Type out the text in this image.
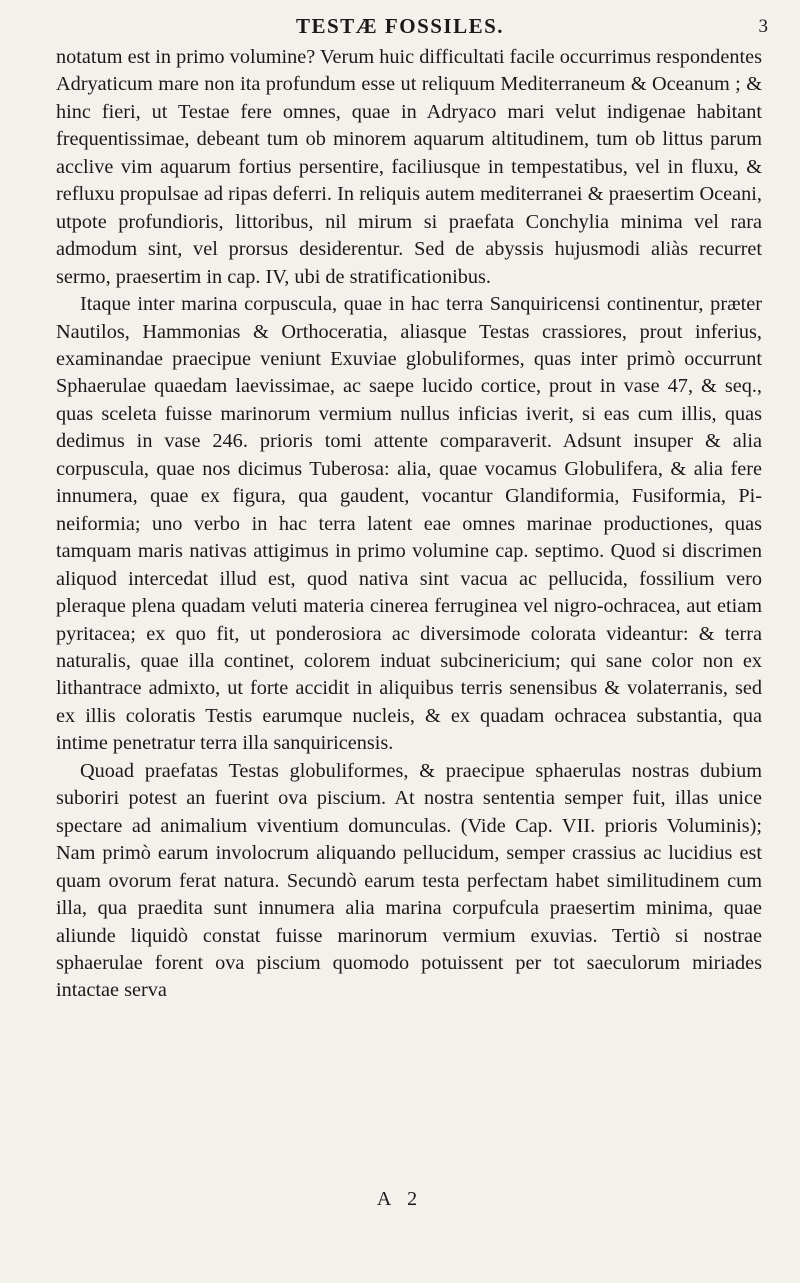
TESTÆ FOSSILES.	3

notatum est in primo volumine? Verum huic difficultati facile occurrimus respondentes Adryaticum mare non ita profundum esse ut reliquum Mediterraneum & Oceanum ; & hinc fieri, ut Testae fere omnes, quae in Adryaco mari velut indigenae habitant frequentissimae, debeant tum ob minorem aquarum altitudinem, tum ob littus parum acclive vim aquarum fortius persentire, faciliusque in tempestatibus, vel in fluxu, & refluxu propulsae ad ripas deferri. In reliquis autem mediterranei & praesertim Oceani, utpote profundioris, littoribus, nil mirum si praefata Conchylia minima vel rara admodum sint, vel prorsus desiderentur. Sed de abyssis hujusmodi aliàs recurret sermo, praesertim in cap. IV, ubi de stratificationibus.

Itaque inter marina corpuscula, quae in hac terra Sanquiricensi continentur, præter Nautilos, Hammonias & Orthoceratia, aliasque Testas crassiores, prout inferius, examinandae praecipue veniunt Exuviae globuliformes, quas inter primò occurrunt Sphaerulae quaedam laevissimae, ac saepe lucido cortice, prout in vase 47, & seq., quas sceleta fuisse marinorum vermium nullus inficias iverit, si eas cum illis, quas dedimus in vase 246. prioris tomi attente comparaverit. Adsunt insuper & alia corpuscula, quae nos dicimus Tuberosa: alia, quae vocamus Globulifera, & alia fere innumera, quae ex figura, qua gaudent, vocantur Glandiformia, Fusiformia, Pineiformia; uno verbo in hac terra latent eae omnes marinae productiones, quas tamquam maris nativas attigimus in primo volumine cap. septimo. Quod si discrimen aliquod intercedat illud est, quod nativa sint vacua ac pellucida, fossilium vero pleraque plena quadam veluti materia cinerea ferruginea vel nigro-ochracea, aut etiam pyritacea; ex quo fit, ut ponderosiora ac diversimode colorata videantur: & terra naturalis, quae illa continet, colorem induat subcinericium; qui sane color non ex lithantrace admixto, ut forte accidit in aliquibus terris senensibus & volaterranis, sed ex illis coloratis Testis earumque nucleis, & ex quadam ochracea substantia, qua intime penetratur terra illa sanquiricensis.

Quoad praefatas Testas globuliformes, & praecipue sphaerulas nostras dubium suboriri potest an fuerint ova piscium. At nostra sententia semper fuit, illas unice spectare ad animalium viventium domunculas. (Vide Cap. VII. prioris Voluminis); Nam primò earum involocrum aliquando pellucidum, semper crassius ac lucidius est quam ovorum ferat natura. Secundò earum testa perfectam habet similitudinem cum illa, qua praedita sunt innumera alia marina corpufcula praesertim minima, quae aliunde liquidò constat fuisse marinorum vermium exuvias. Tertiò si nostrae sphaerulae forent ova piscium quomodo potuissent per tot saeculorum miriades intactae serva

A 2
